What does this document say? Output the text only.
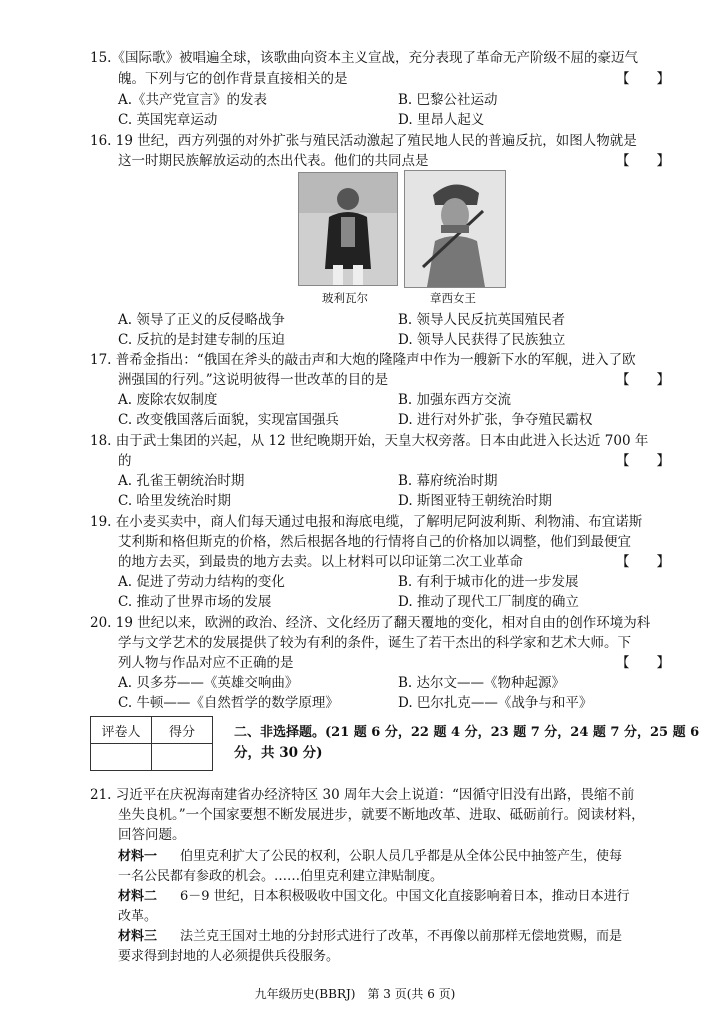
15.《国际歌》被唱遍全球，该歌曲向资本主义宣战，充分表现了革命无产阶级不屈的豪迈气
魄。下列与它的创作背景直接相关的是	【　　】
A.《共产党宣言》的发表	B. 巴黎公社运动
C. 英国宪章运动	D. 里昂人起义
16. 19 世纪，西方列强的对外扩张与殖民活动激起了殖民地人民的普遍反抗，如图人物就是
这一时期民族解放运动的杰出代表。他们的共同点是	【　　】
玻利瓦尔	章西女王
A. 领导了正义的反侵略战争	B. 领导人民反抗英国殖民者
C. 反抗的是封建专制的压迫	D. 领导人民获得了民族独立
17. 普希金指出：“俄国在斧头的敲击声和大炮的隆隆声中作为一艘新下水的军舰，进入了欧
洲强国的行列。”这说明彼得一世改革的目的是	【　　】
A. 废除农奴制度	B. 加强东西方交流
C. 改变俄国落后面貌，实现富国强兵	D. 进行对外扩张，争夺殖民霸权
18. 由于武士集团的兴起，从 12 世纪晚期开始，天皇大权旁落。日本由此进入长达近 700 年
的	【　　】
A. 孔雀王朝统治时期	B. 幕府统治时期
C. 哈里发统治时期	D. 斯图亚特王朝统治时期
19. 在小麦买卖中，商人们每天通过电报和海底电缆，了解明尼阿波利斯、利物浦、布宜诺斯
艾利斯和格但斯克的价格，然后根据各地的行情将自己的价格加以调整，他们到最便宜
的地方去买，到最贵的地方去卖。以上材料可以印证第二次工业革命	【　　】
A. 促进了劳动力结构的变化	B. 有利于城市化的进一步发展
C. 推动了世界市场的发展	D. 推动了现代工厂制度的确立
20. 19 世纪以来，欧洲的政治、经济、文化经历了翻天覆地的变化，相对自由的创作环境为科
学与文学艺术的发展提供了较为有利的条件，诞生了若干杰出的科学家和艺术大师。下
列人物与作品对应不正确的是	【　　】
A. 贝多芬——《英雄交响曲》	B. 达尔文——《物种起源》
C. 牛顿——《自然哲学的数学原理》	D. 巴尔扎克——《战争与和平》
评卷人	得分
		二、非选择题。(21 题 6 分，22 题 4 分，23 题 7 分，24 题 7 分，25 题 6
分，共 30 分)
21. 习近平在庆祝海南建省办经济特区 30 周年大会上说道：“因循守旧没有出路，畏缩不前
坐失良机。”一个国家要想不断发展进步，就要不断地改革、进取、砥砺前行。阅读材料，
回答问题。
材料一 伯里克利扩大了公民的权利，公职人员几乎都是从全体公民中抽签产生，使每
一名公民都有参政的机会。……伯里克利建立津贴制度。
材料二 6－9 世纪，日本积极吸收中国文化。中国文化直接影响着日本，推动日本进行
改革。
材料三 法兰克王国对土地的分封形式进行了改革，不再像以前那样无偿地赏赐，而是
要求得到封地的人必须提供兵役服务。
九年级历史(BBRJ)　第 3 页(共 6 页)
